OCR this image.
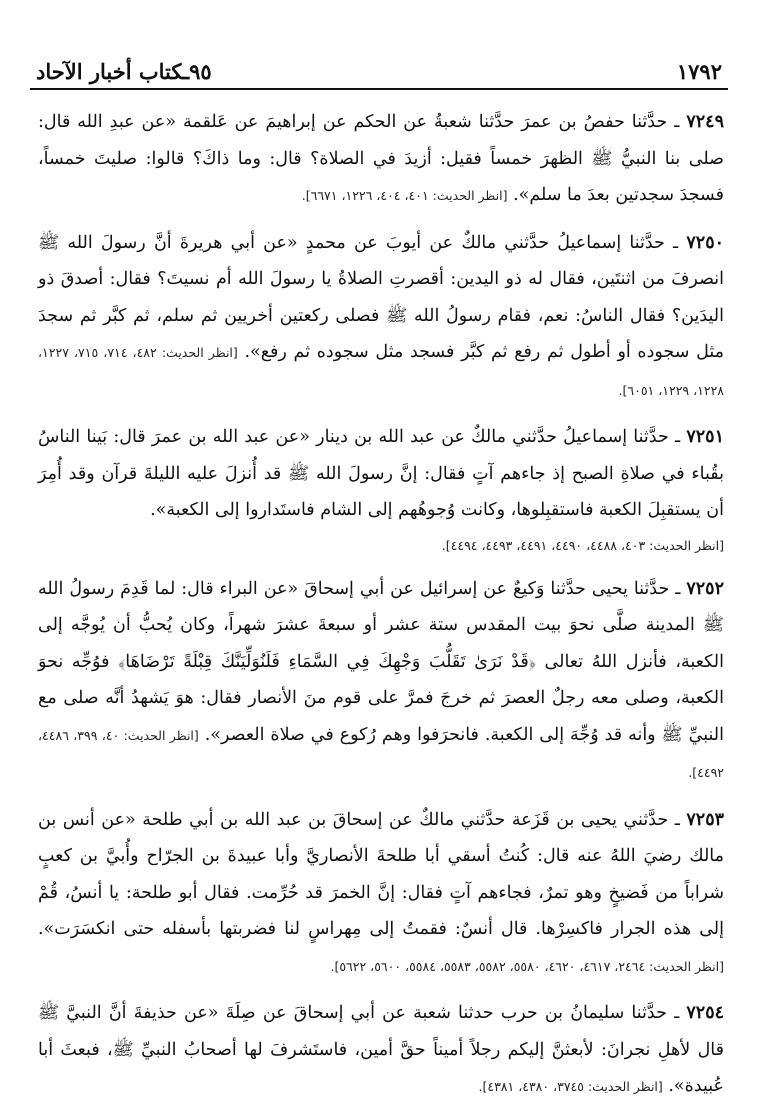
٩٥ـكتاب أخبار الآحاد	١٧٩٢

٧٢٤٩ ـ حدَّثنا حفصُ بن عمرَ حدَّثنا شعبةُ عن الحكم عن إبراهيمَ عن عَلقمة «عن عبدِ الله قال: صلى بنا النبيُّ ﷺ الظهرَ خمساً فقيل: أزيدَ في الصلاة؟ قال: وما ذاكَ؟ قالوا: صليتَ خمساً، فسجدَ سجدتين بعدَ ما سلم». [انظر الحديث: ٤٠١، ٤٠٤، ١٢٢٦، ٦٦٧١].

٧٢٥٠ ـ حدَّثنا إسماعيلُ حدَّثني مالكٌ عن أيوبَ عن محمدٍ «عن أبي هريرةَ أنَّ رسولَ الله ﷺ انصرفَ من اثنتَين، فقال له ذو اليدين: أقصرتِ الصلاةُ يا رسولَ الله أم نسيتَ؟ فقال: أصدقَ ذو اليدَين؟ فقال الناسُ: نعم، فقام رسولُ الله ﷺ فصلى ركعتين أخريين ثم سلم، ثم كبَّر ثم سجدَ مثل سجوده أو أطول ثم رفع ثم كبَّر فسجد مثل سجوده ثم رفع». [انظر الحديث: ٤٨٢، ٧١٤، ٧١٥، ١٢٢٧، ١٢٢٨، ١٢٢٩، ٦٠٥١].

٧٢٥١ ـ حدَّثنا إسماعيلُ حدَّثني مالكٌ عن عبد الله بن دينار «عن عبد الله بن عمرَ قال: بَينا الناسُ بقُباء في صلاةِ الصبح إذ جاءهم آتٍ فقال: إنَّ رسولَ الله ﷺ قد أُنزلَ عليه الليلةَ قرآن وقد أُمِرَ أن يستقبِلَ الكعبة فاستقبِلوها، وكانت وُجوهُهم إلى الشام فاستَداروا إلى الكعبة».
[انظر الحديث: ٤٠٣، ٤٤٨٨، ٤٤٩٠، ٤٤٩١، ٤٤٩٣، ٤٤٩٤].

٧٢٥٢ ـ حدَّثنا يحيى حدَّثنا وَكيعٌ عن إسرائيل عن أبي إسحاقَ «عن البراء قال: لما قَدِمَ رسولُ الله ﷺ المدينة صلَّى نحوَ بيت المقدس ستة عشر أو سبعةَ عشرَ شهراً، وكان يُحبُّ أن يُوجَّه إلى الكعبة، فأنزل اللهُ تعالى ﴿قَدْ نَرَىٰ تَقَلُّبَ وَجْهِكَ فِي السَّمَاءِ فَلَنُوَلِّيَنَّكَ قِبْلَةً تَرْضَاهَا﴾ فوُجِّه نحوَ الكعبة، وصلى معه رجلٌ العصرَ ثم خرجَ فمرَّ على قوم منَ الأنصار فقال: هوَ يَشهدُ أنَّه صلى مع النبيِّ ﷺ وأنه قد وُجِّهَ إلى الكعبة. فانحرَفوا وهم رُكوع في صلاة العصر». [انظر الحديث: ٤٠، ٣٩٩، ٤٤٨٦، ٤٤٩٢].

٧٢٥٣ ـ حدَّثني يحيى بن قَزَعة حدَّثني مالكٌ عن إسحاقَ بن عبد الله بن أبي طلحة «عن أنس بن مالك رضيَ اللهُ عنه قال: كُنتُ أسقي أبا طلحةَ الأنصاريَّ وأبا عبيدةَ بن الجرّاح وأُبيَّ بن كعبٍ شراباً من فَضيخٍ وهو تمرٌ، فجاءهم آتٍ فقال: إنَّ الخمرَ قد حُرِّمت. فقال أبو طلحة: يا أنسُ، قُمْ إلى هذه الجرار فاكسِرْها. قال أنسٌ: فقمتُ إلى مِهراسٍ لنا فضربتها بأسفله حتى انكسَرَت». [انظر الحديث: ٢٤٦٤، ٤٦١٧، ٤٦٢٠، ٥٥٨٠، ٥٥٨٢، ٥٥٨٣، ٥٥٨٤، ٥٦٠٠، ٥٦٢٢].

٧٢٥٤ ـ حدَّثنا سليمانُ بن حرب حدثنا شعبة عن أبي إسحاقَ عن صِلَةَ «عن حذيفةَ أنَّ النبيَّ ﷺ قال لأهلِ نجرانَ: لأبعثنَّ إليكم رجلاً أميناً حقَّ أمين، فاستَشرفَ لها أصحابُ النبيِّ ﷺ، فبعثَ أبا عُبيدة». [انظر الحديث: ٣٧٤٥، ٤٣٨٠، ٤٣٨١].
